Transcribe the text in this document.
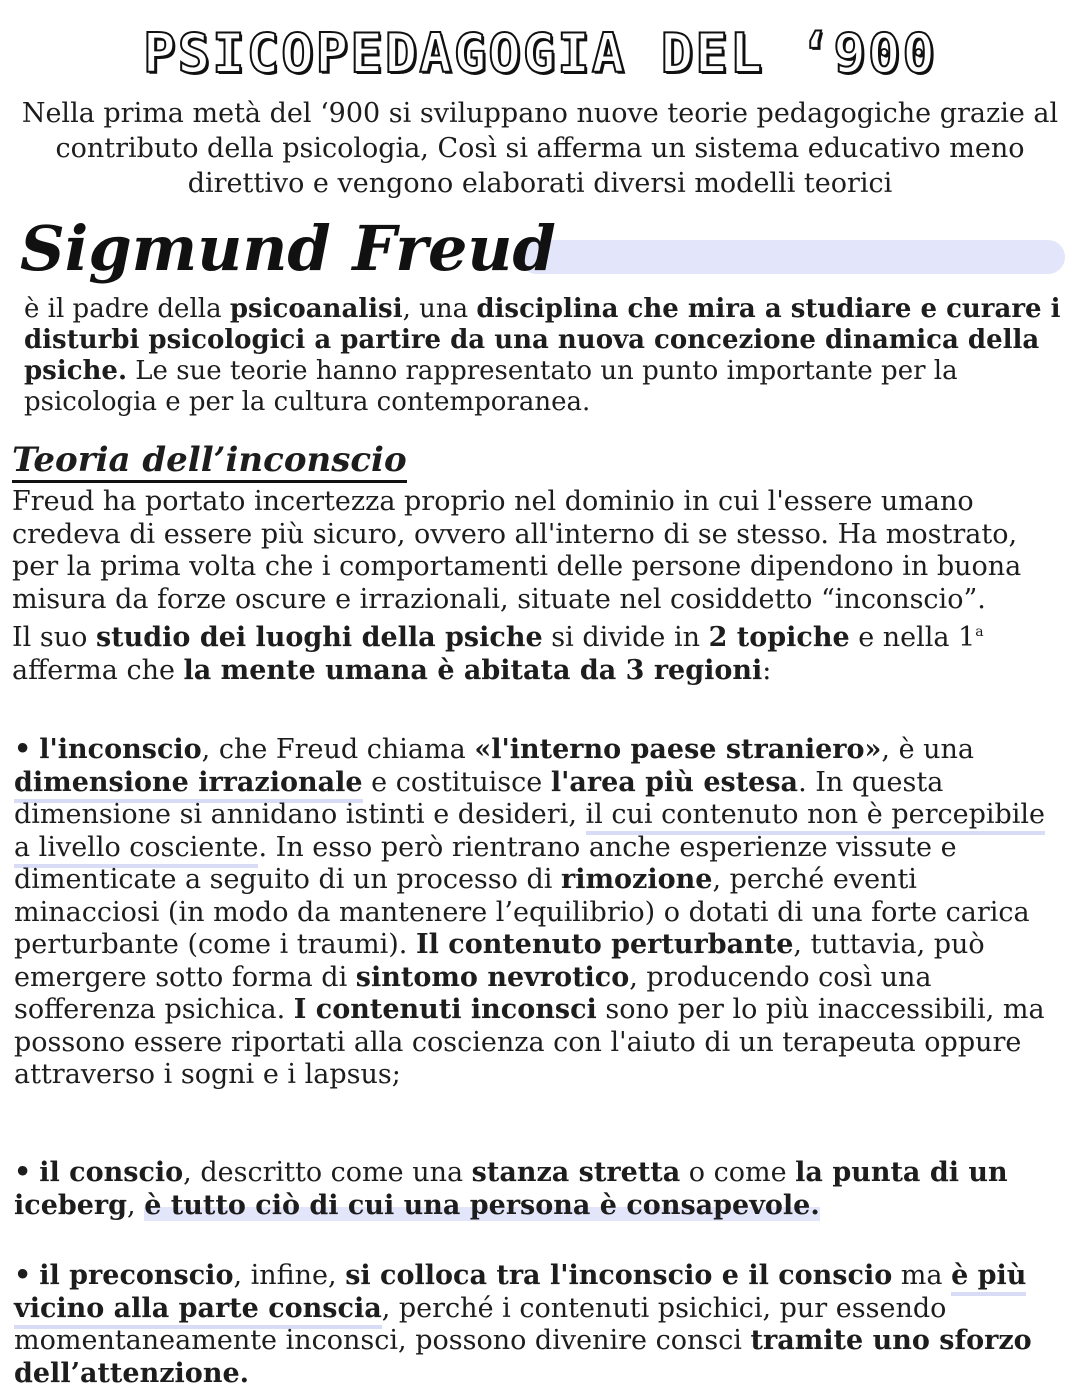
PSICOPEDAGOGIA DEL ‘900
Nella prima metà del ‘900 si sviluppano nuove teorie pedagogiche grazie al contributo della psicologia, Così si afferma un sistema educativo meno direttivo e vengono elaborati diversi modelli teorici
Sigmund Freud
è il padre della psicoanalisi, una disciplina che mira a studiare e curare i disturbi psicologici a partire da una nuova concezione dinamica della psiche. Le sue teorie hanno rappresentato un punto importante per la psicologia e per la cultura contemporanea.
Teoria dell’inconscio
Freud ha portato incertezza proprio nel dominio in cui l'essere umano credeva di essere più sicuro, ovvero all'interno di se stesso. Ha mostrato, per la prima volta che i comportamenti delle persone dipendono in buona misura da forze oscure e irrazionali, situate nel cosiddetto “inconscio”.
Il suo studio dei luoghi della psiche si divide in 2 topiche e nella 1$^a$ afferma che la mente umana è abitata da 3 regioni:
• l'inconscio, che Freud chiama «l'interno paese straniero», è una dimensione irrazionale e costituisce l'area più estesa. In questa dimensione si annidano istinti e desideri, il cui contenuto non è percepibile a livello cosciente. In esso però rientrano anche esperienze vissute e dimenticate a seguito di un processo di rimozione, perché eventi minacciosi (in modo da mantenere l’equilibrio) o dotati di una forte carica perturbante (come i traumi). Il contenuto perturbante, tuttavia, può emergere sotto forma di sintomo nevrotico, producendo così una sofferenza psichica. I contenuti inconsci sono per lo più inaccessibili, ma possono essere riportati alla coscienza con l'aiuto di un terapeuta oppure attraverso i sogni e i lapsus;
• il conscio, descritto come una stanza stretta o come la punta di un iceberg, è tutto ciò di cui una persona è consapevole.
• il preconscio, infine, si colloca tra l'inconscio e il conscio ma è più vicino alla parte conscia, perché i contenuti psichici, pur essendo momentaneamente inconsci, possono divenire consci tramite uno sforzo dell’attenzione.
